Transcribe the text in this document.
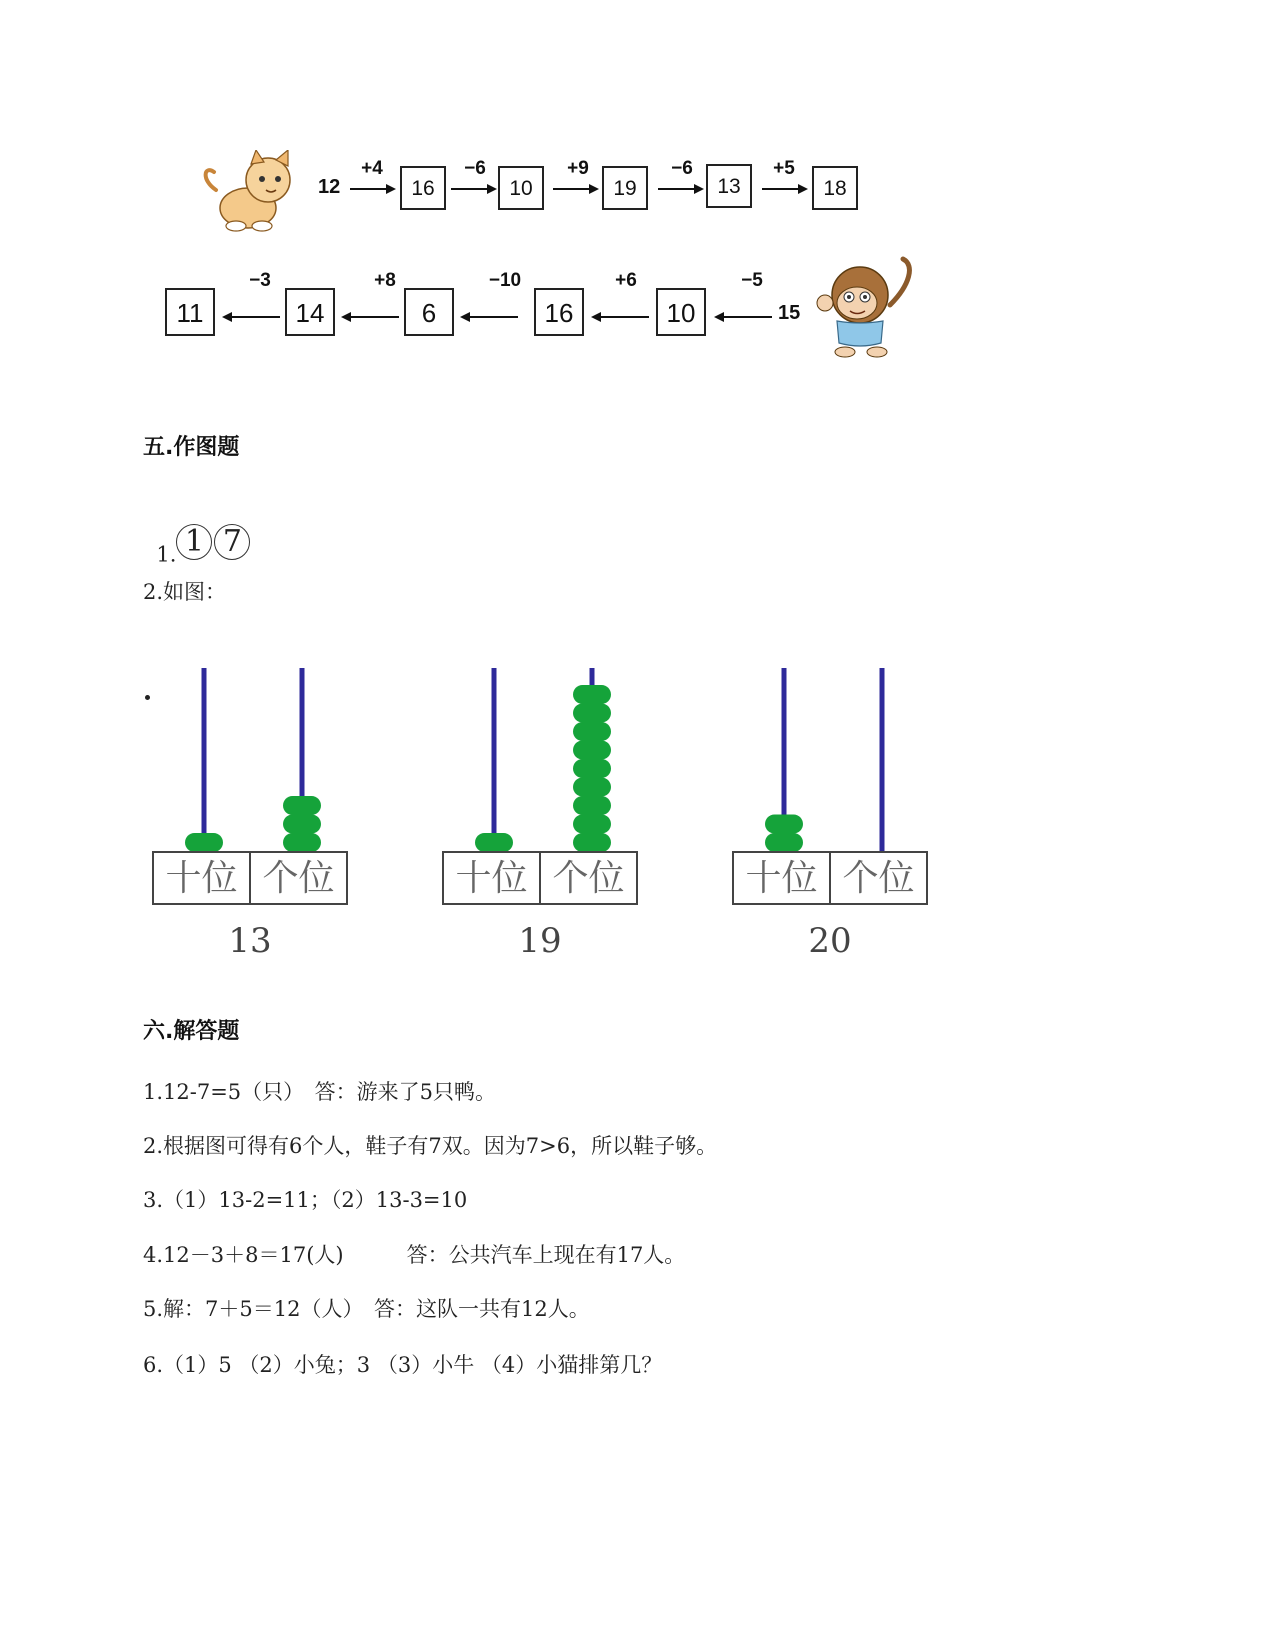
12
+4
16
−6
10
+9
19
−6
13
+5
18
11
−3
14
+8
6
−10
16
+6
10
−5
15
五.作图题

1. 1 7

2.如图：
十位 个位
13
十位 个位
19
十位 个位
20
六.解答题
1.12-7=5（只）　答：游来了5只鸭。
2.根据图可得有6个人，鞋子有7双。因为7>6，所以鞋子够。
3.（1）13-2=11；（2）13-3=10
4.12－3＋8＝17(人)　　　答：公共汽车上现在有17人。
5.解：7＋5＝12（人）　答：这队一共有12人。
6.（1）5 （2）小兔；3 （3）小牛 （4）小猫排第几？
